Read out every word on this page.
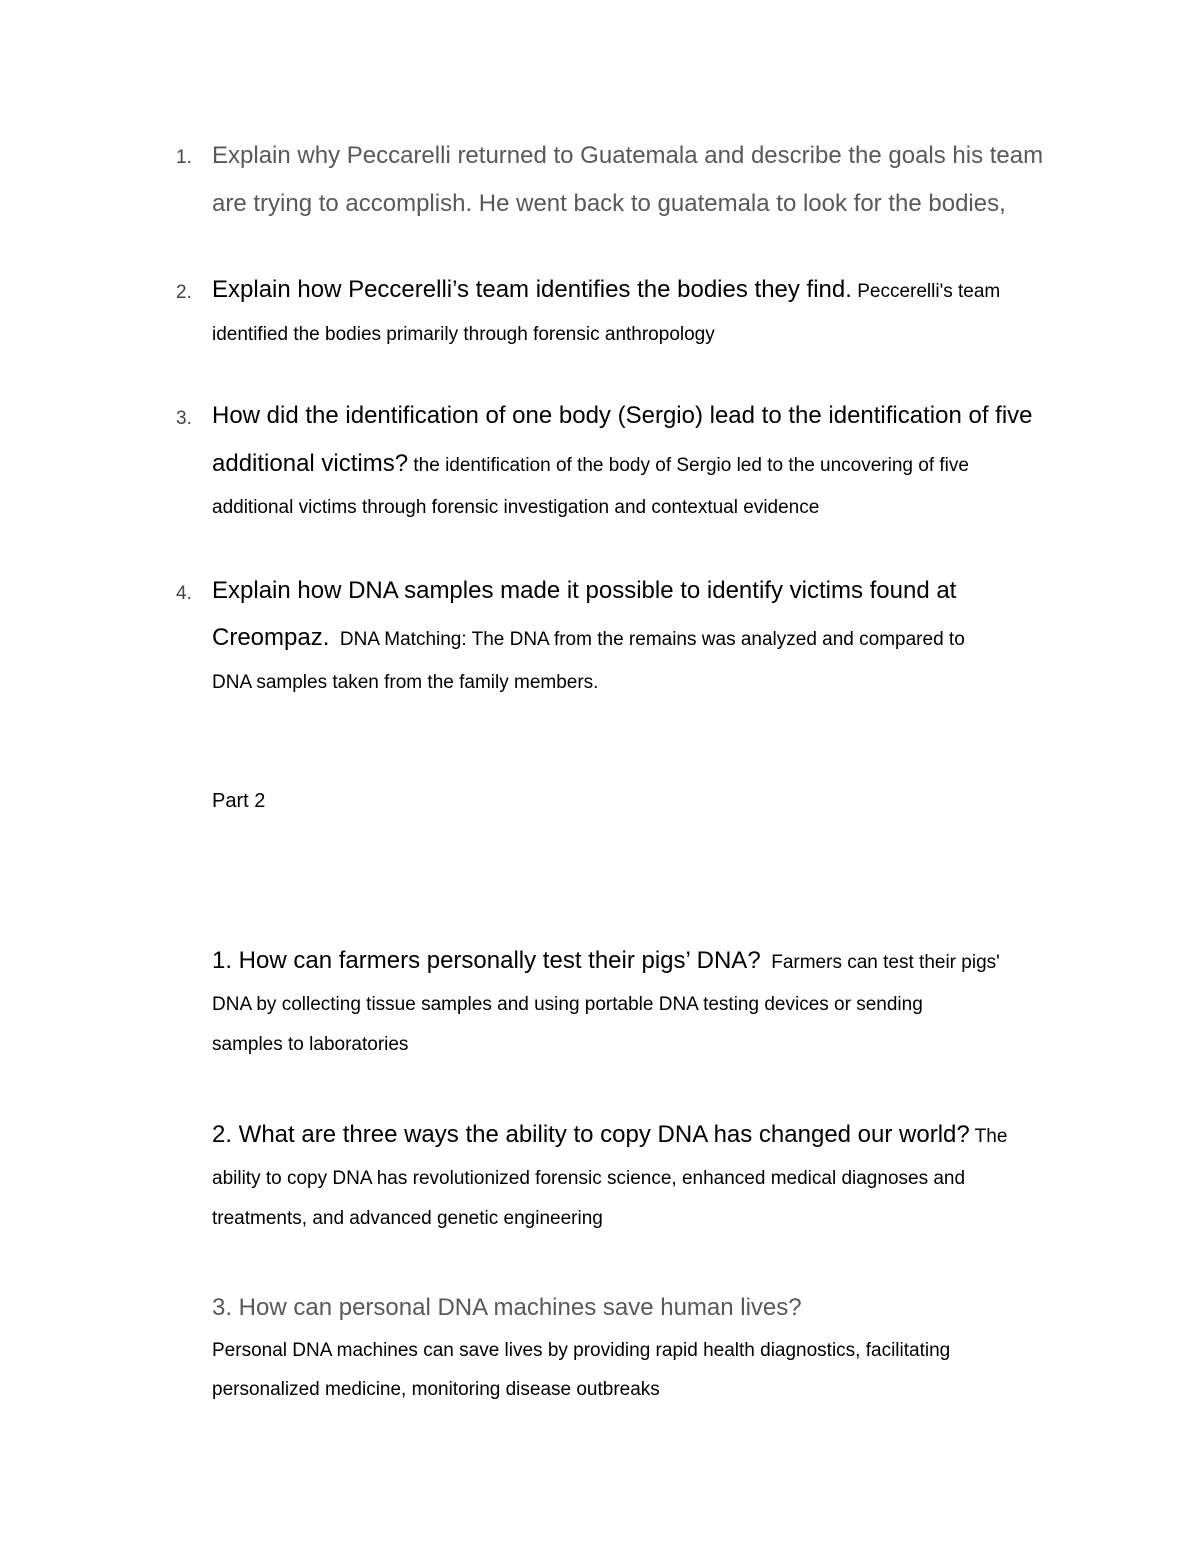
1. Explain why Peccarelli returned to Guatemala and describe the goals his team
are trying to accomplish. He went back to guatemala to look for the bodies,
2. Explain how Peccerelli’s team identifies the bodies they find. Peccerelli's team
identified the bodies primarily through forensic anthropology
3. How did the identification of one body (Sergio) lead to the identification of five
additional victims? the identification of the body of Sergio led to the uncovering of five
additional victims through forensic investigation and contextual evidence
4. Explain how DNA samples made it possible to identify victims found at
Creompaz.  DNA Matching: The DNA from the remains was analyzed and compared to
DNA samples taken from the family members.
Part 2
1. How can farmers personally test their pigs’ DNA?  Farmers can test their pigs'
DNA by collecting tissue samples and using portable DNA testing devices or sending
samples to laboratories
2. What are three ways the ability to copy DNA has changed our world? The
ability to copy DNA has revolutionized forensic science, enhanced medical diagnoses and
treatments, and advanced genetic engineering
3. How can personal DNA machines save human lives?
Personal DNA machines can save lives by providing rapid health diagnostics, facilitating
personalized medicine, monitoring disease outbreaks
